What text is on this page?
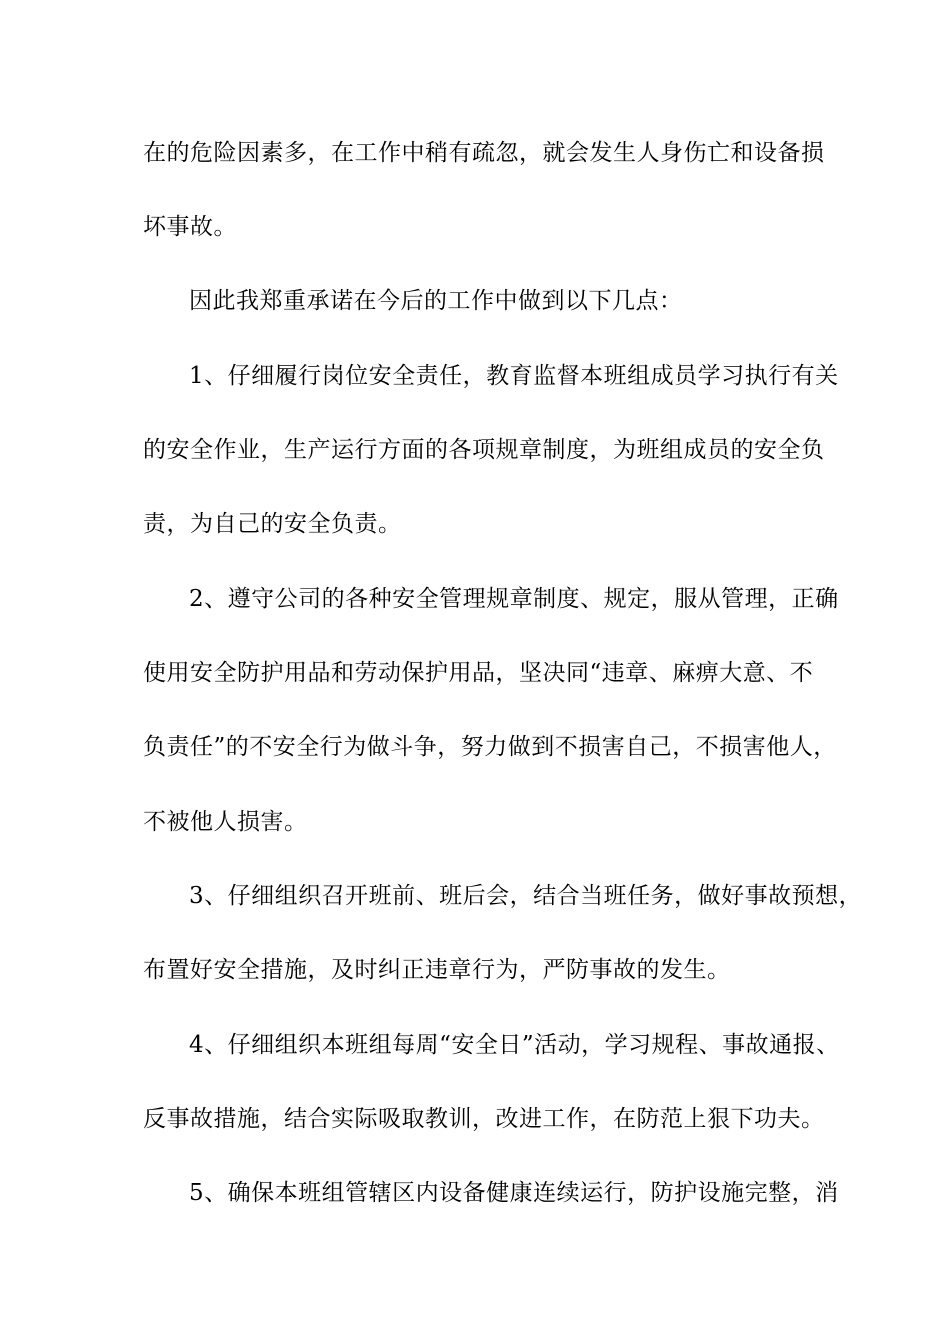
在的危险因素多，在工作中稍有疏忽，就会发生人身伤亡和设备损
坏事故。
因此我郑重承诺在今后的工作中做到以下几点：
1、仔细履行岗位安全责任，教育监督本班组成员学习执行有关
的安全作业，生产运行方面的各项规章制度，为班组成员的安全负
责，为自己的安全负责。
2、遵守公司的各种安全管理规章制度、规定，服从管理，正确
使用安全防护用品和劳动保护用品，坚决同“违章、麻痹大意、不
负责任”的不安全行为做斗争，努力做到不损害自己，不损害他人，
不被他人损害。
3、仔细组织召开班前、班后会，结合当班任务，做好事故预想，
布置好安全措施，及时纠正违章行为，严防事故的发生。
4、仔细组织本班组每周“安全日”活动，学习规程、事故通报、
反事故措施，结合实际吸取教训，改进工作，在防范上狠下功夫。
5、确保本班组管辖区内设备健康连续运行，防护设施完整，消
